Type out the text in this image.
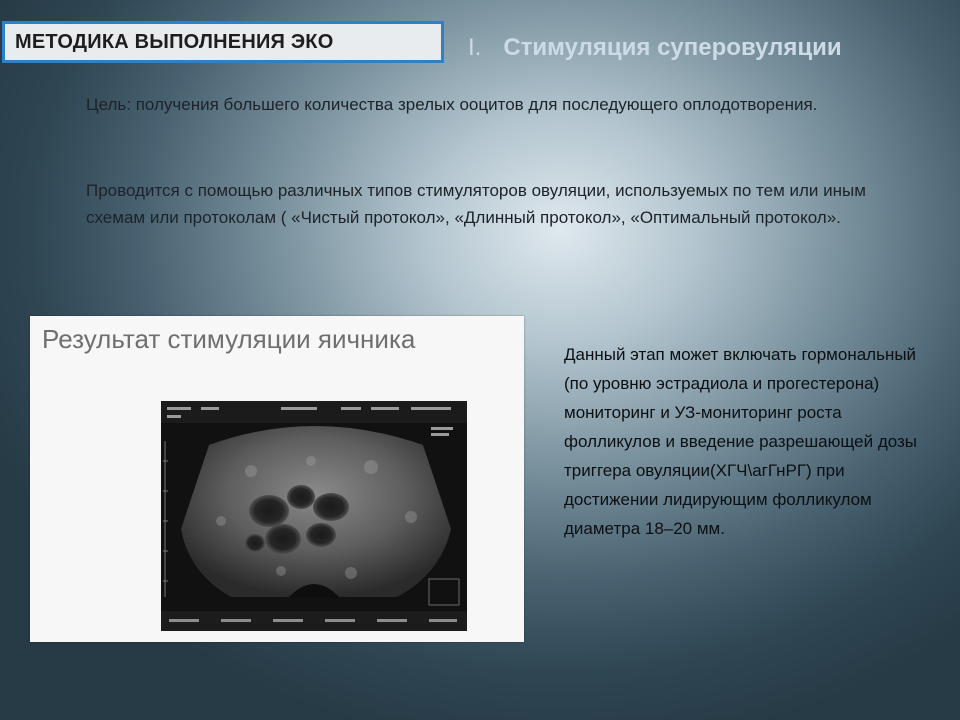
МЕТОДИКА ВЫПОЛНЕНИЯ ЭКО	I. Стимуляция суперовуляции

Цель: получения большего количества зрелых ооцитов для последующего оплодотворения.

Проводится с помощью различных типов стимуляторов овуляции, используемых по тем или иным схемам или протоколам ( «Чистый протокол», «Длинный протокол», «Оптимальный протокол».

Результат стимуляции яичника

Данный этап может включать гормональный (по уровню эстрадиола и прогестерона) мониторинг и УЗ-мониторинг роста фолликулов и введение разрешающей дозы триггера овуляции(ХГЧ\агГнРГ) при достижении лидирующим фолликулом диаметра 18–20 мм.
